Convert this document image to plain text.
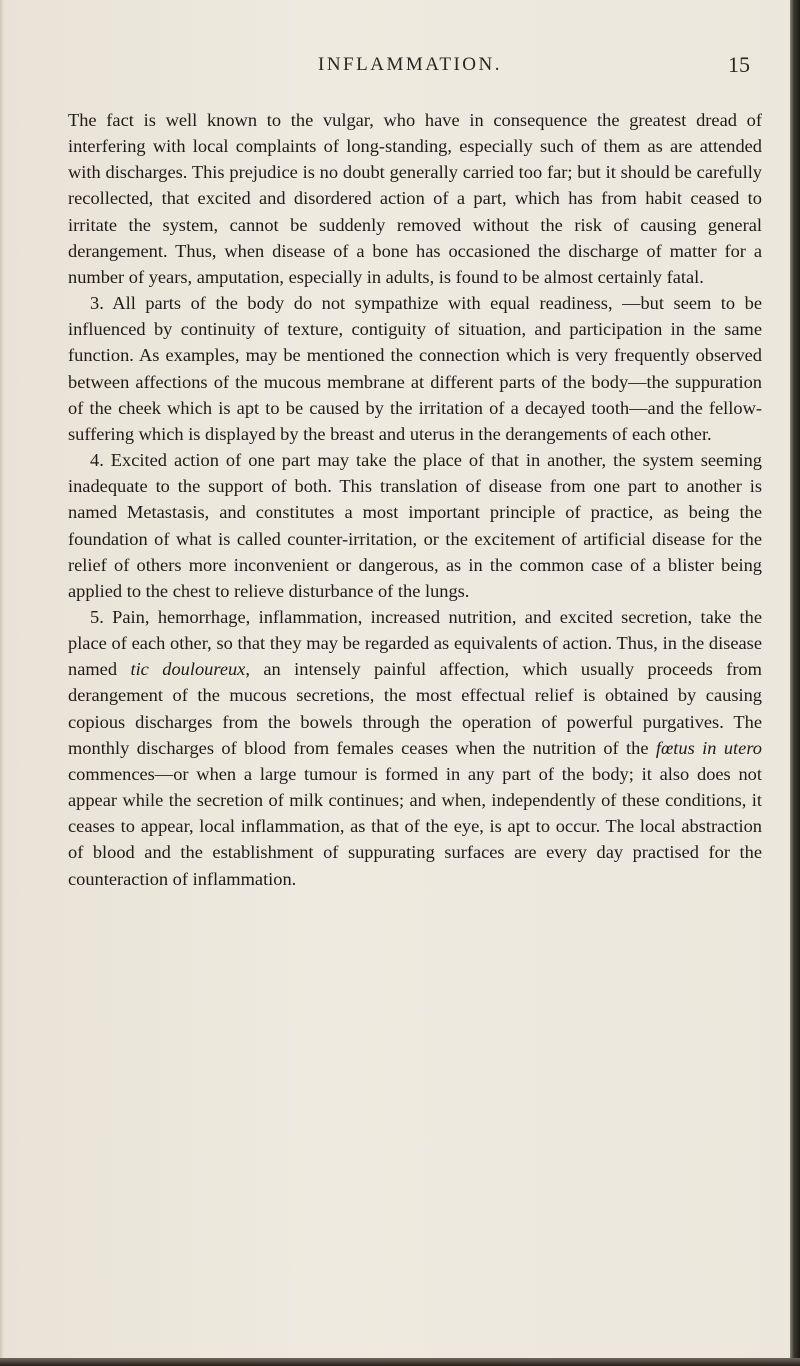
INFLAMMATION.	15

The fact is well known to the vulgar, who have in consequence the greatest dread of interfering with local complaints of long-standing, especially such of them as are attended with discharges. This prejudice is no doubt generally carried too far; but it should be carefully recollected, that excited and disordered action of a part, which has from habit ceased to irritate the system, cannot be suddenly removed without the risk of causing general derangement. Thus, when disease of a bone has occasioned the discharge of matter for a number of years, amputation, especially in adults, is found to be almost certainly fatal.

3. All parts of the body do not sympathize with equal readiness, —but seem to be influenced by continuity of texture, contiguity of situation, and participation in the same function. As examples, may be mentioned the connection which is very frequently observed between affections of the mucous membrane at different parts of the body—the suppuration of the cheek which is apt to be caused by the irritation of a decayed tooth—and the fellow-suffering which is displayed by the breast and uterus in the derangements of each other.

4. Excited action of one part may take the place of that in another, the system seeming inadequate to the support of both. This translation of disease from one part to another is named Metastasis, and constitutes a most important principle of practice, as being the foundation of what is called counter-irritation, or the excitement of artificial disease for the relief of others more inconvenient or dangerous, as in the common case of a blister being applied to the chest to relieve disturbance of the lungs.

5. Pain, hemorrhage, inflammation, increased nutrition, and excited secretion, take the place of each other, so that they may be regarded as equivalents of action. Thus, in the disease named tic douloureux, an intensely painful affection, which usually proceeds from derangement of the mucous secretions, the most effectual relief is obtained by causing copious discharges from the bowels through the operation of powerful purgatives. The monthly discharges of blood from females ceases when the nutrition of the fœtus in utero commences—or when a large tumour is formed in any part of the body; it also does not appear while the secretion of milk continues; and when, independently of these conditions, it ceases to appear, local inflammation, as that of the eye, is apt to occur. The local abstraction of blood and the establishment of suppurating surfaces are every day practised for the counteraction of inflammation.
